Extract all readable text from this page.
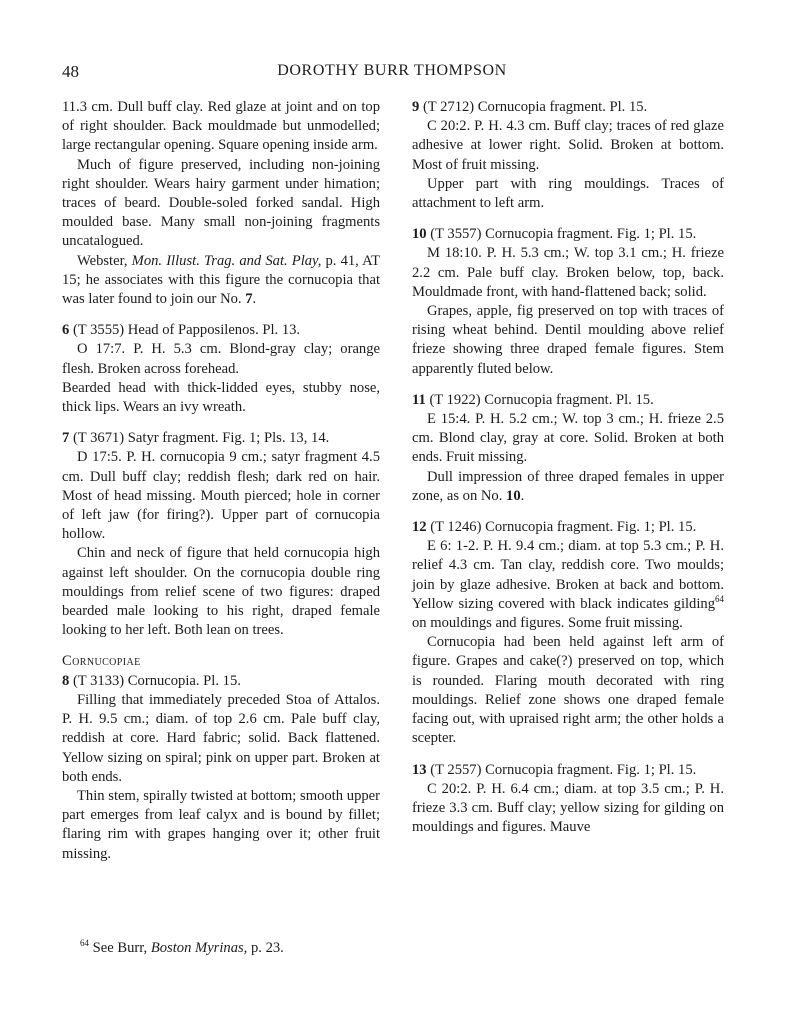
48	DOROTHY BURR THOMPSON

11.3 cm. Dull buff clay. Red glaze at joint and on top of right shoulder. Back mouldmade but unmodelled; large rectangular opening. Square opening inside arm.

Much of figure preserved, including non-joining right shoulder. Wears hairy garment under himation; traces of beard. Double-soled forked sandal. High moulded base. Many small non-joining fragments uncatalogued.

Webster, Mon. Illust. Trag. and Sat. Play, p. 41, AT 15; he associates with this figure the cornucopia that was later found to join our No. 7.

6 (T 3555) Head of Papposilenos. Pl. 13.

O 17:7. P. H. 5.3 cm. Blond-gray clay; orange flesh. Broken across forehead.

Bearded head with thick-lidded eyes, stubby nose, thick lips. Wears an ivy wreath.

7 (T 3671) Satyr fragment. Fig. 1; Pls. 13, 14.

D 17:5. P. H. cornucopia 9 cm.; satyr fragment 4.5 cm. Dull buff clay; reddish flesh; dark red on hair. Most of head missing. Mouth pierced; hole in corner of left jaw (for firing?). Upper part of cornucopia hollow.

Chin and neck of figure that held cornucopia high against left shoulder. On the cornucopia double ring mouldings from relief scene of two figures: draped bearded male looking to his right, draped female looking to her left. Both lean on trees.

Cornucopiae

8 (T 3133) Cornucopia. Pl. 15.

Filling that immediately preceded Stoa of Attalos. P. H. 9.5 cm.; diam. of top 2.6 cm. Pale buff clay, reddish at core. Hard fabric; solid. Back flattened. Yellow sizing on spiral; pink on upper part. Broken at both ends.

Thin stem, spirally twisted at bottom; smooth upper part emerges from leaf calyx and is bound by fillet; flaring rim with grapes hanging over it; other fruit missing.

9 (T 2712) Cornucopia fragment. Pl. 15.

C 20:2. P. H. 4.3 cm. Buff clay; traces of red glaze adhesive at lower right. Solid. Broken at bottom. Most of fruit missing.

Upper part with ring mouldings. Traces of attachment to left arm.

10 (T 3557) Cornucopia fragment. Fig. 1; Pl. 15.

M 18:10. P. H. 5.3 cm.; W. top 3.1 cm.; H. frieze 2.2 cm. Pale buff clay. Broken below, top, back. Mouldmade front, with hand-flattened back; solid.

Grapes, apple, fig preserved on top with traces of rising wheat behind. Dentil moulding above relief frieze showing three draped female figures. Stem apparently fluted below.

11 (T 1922) Cornucopia fragment. Pl. 15.

E 15:4. P. H. 5.2 cm.; W. top 3 cm.; H. frieze 2.5 cm. Blond clay, gray at core. Solid. Broken at both ends. Fruit missing.

Dull impression of three draped females in upper zone, as on No. 10.

12 (T 1246) Cornucopia fragment. Fig. 1; Pl. 15.

E 6: 1-2. P. H. 9.4 cm.; diam. at top 5.3 cm.; P. H. relief 4.3 cm. Tan clay, reddish core. Two moulds; join by glaze adhesive. Broken at back and bottom. Yellow sizing covered with black indicates gilding$^{64}$ on mouldings and figures. Some fruit missing.

Cornucopia had been held against left arm of figure. Grapes and cake(?) preserved on top, which is rounded. Flaring mouth decorated with ring mouldings. Relief zone shows one draped female facing out, with upraised right arm; the other holds a scepter.

13 (T 2557) Cornucopia fragment. Fig. 1; Pl. 15.

C 20:2. P. H. 6.4 cm.; diam. at top 3.5 cm.; P. H. frieze 3.3 cm. Buff clay; yellow sizing for gilding on mouldings and figures. Mauve

$^{64}$ See Burr, Boston Myrinas, p. 23.
